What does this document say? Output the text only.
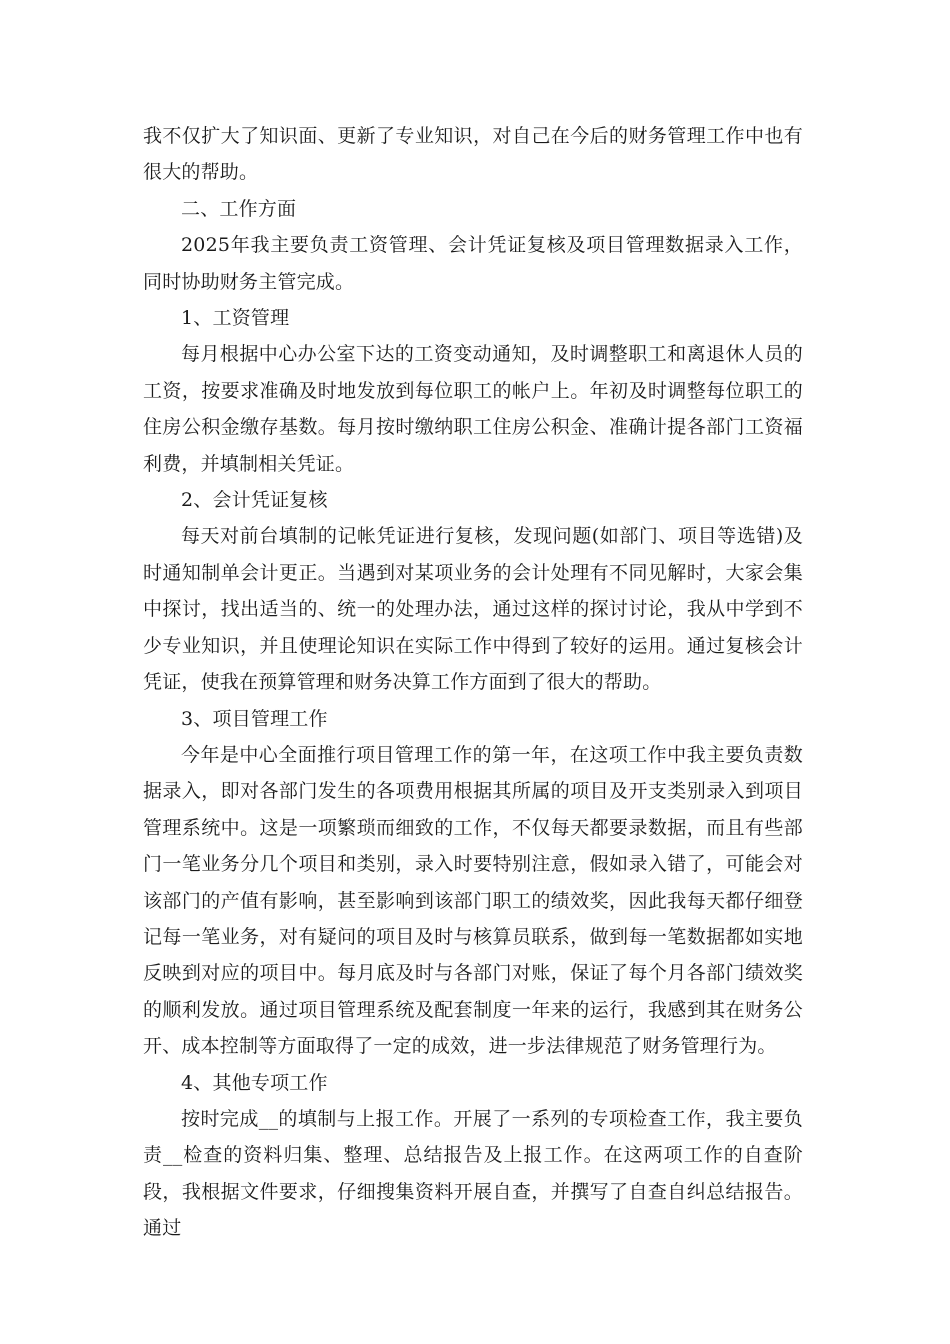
我不仅扩大了知识面、更新了专业知识，对自己在今后的财务管理工作中也有很大的帮助。

二、工作方面

2025年我主要负责工资管理、会计凭证复核及项目管理数据录入工作，同时协助财务主管完成。

1、工资管理

每月根据中心办公室下达的工资变动通知，及时调整职工和离退休人员的工资，按要求准确及时地发放到每位职工的帐户上。年初及时调整每位职工的住房公积金缴存基数。每月按时缴纳职工住房公积金、准确计提各部门工资福利费，并填制相关凭证。

2、会计凭证复核

每天对前台填制的记帐凭证进行复核，发现问题(如部门、项目等选错)及时通知制单会计更正。当遇到对某项业务的会计处理有不同见解时，大家会集中探讨，找出适当的、统一的处理办法，通过这样的探讨讨论，我从中学到不少专业知识，并且使理论知识在实际工作中得到了较好的运用。通过复核会计凭证，使我在预算管理和财务决算工作方面到了很大的帮助。

3、项目管理工作

今年是中心全面推行项目管理工作的第一年，在这项工作中我主要负责数据录入，即对各部门发生的各项费用根据其所属的项目及开支类别录入到项目管理系统中。这是一项繁琐而细致的工作，不仅每天都要录数据，而且有些部门一笔业务分几个项目和类别，录入时要特别注意，假如录入错了，可能会对该部门的产值有影响，甚至影响到该部门职工的绩效奖，因此我每天都仔细登记每一笔业务，对有疑问的项目及时与核算员联系，做到每一笔数据都如实地反映到对应的项目中。每月底及时与各部门对账，保证了每个月各部门绩效奖的顺利发放。通过项目管理系统及配套制度一年来的运行，我感到其在财务公开、成本控制等方面取得了一定的成效，进一步法律规范了财务管理行为。

4、其他专项工作

按时完成__的填制与上报工作。开展了一系列的专项检查工作，我主要负责__检查的资料归集、整理、总结报告及上报工作。在这两项工作的自查阶段，我根据文件要求，仔细搜集资料开展自查，并撰写了自查自纠总结报告。通过
